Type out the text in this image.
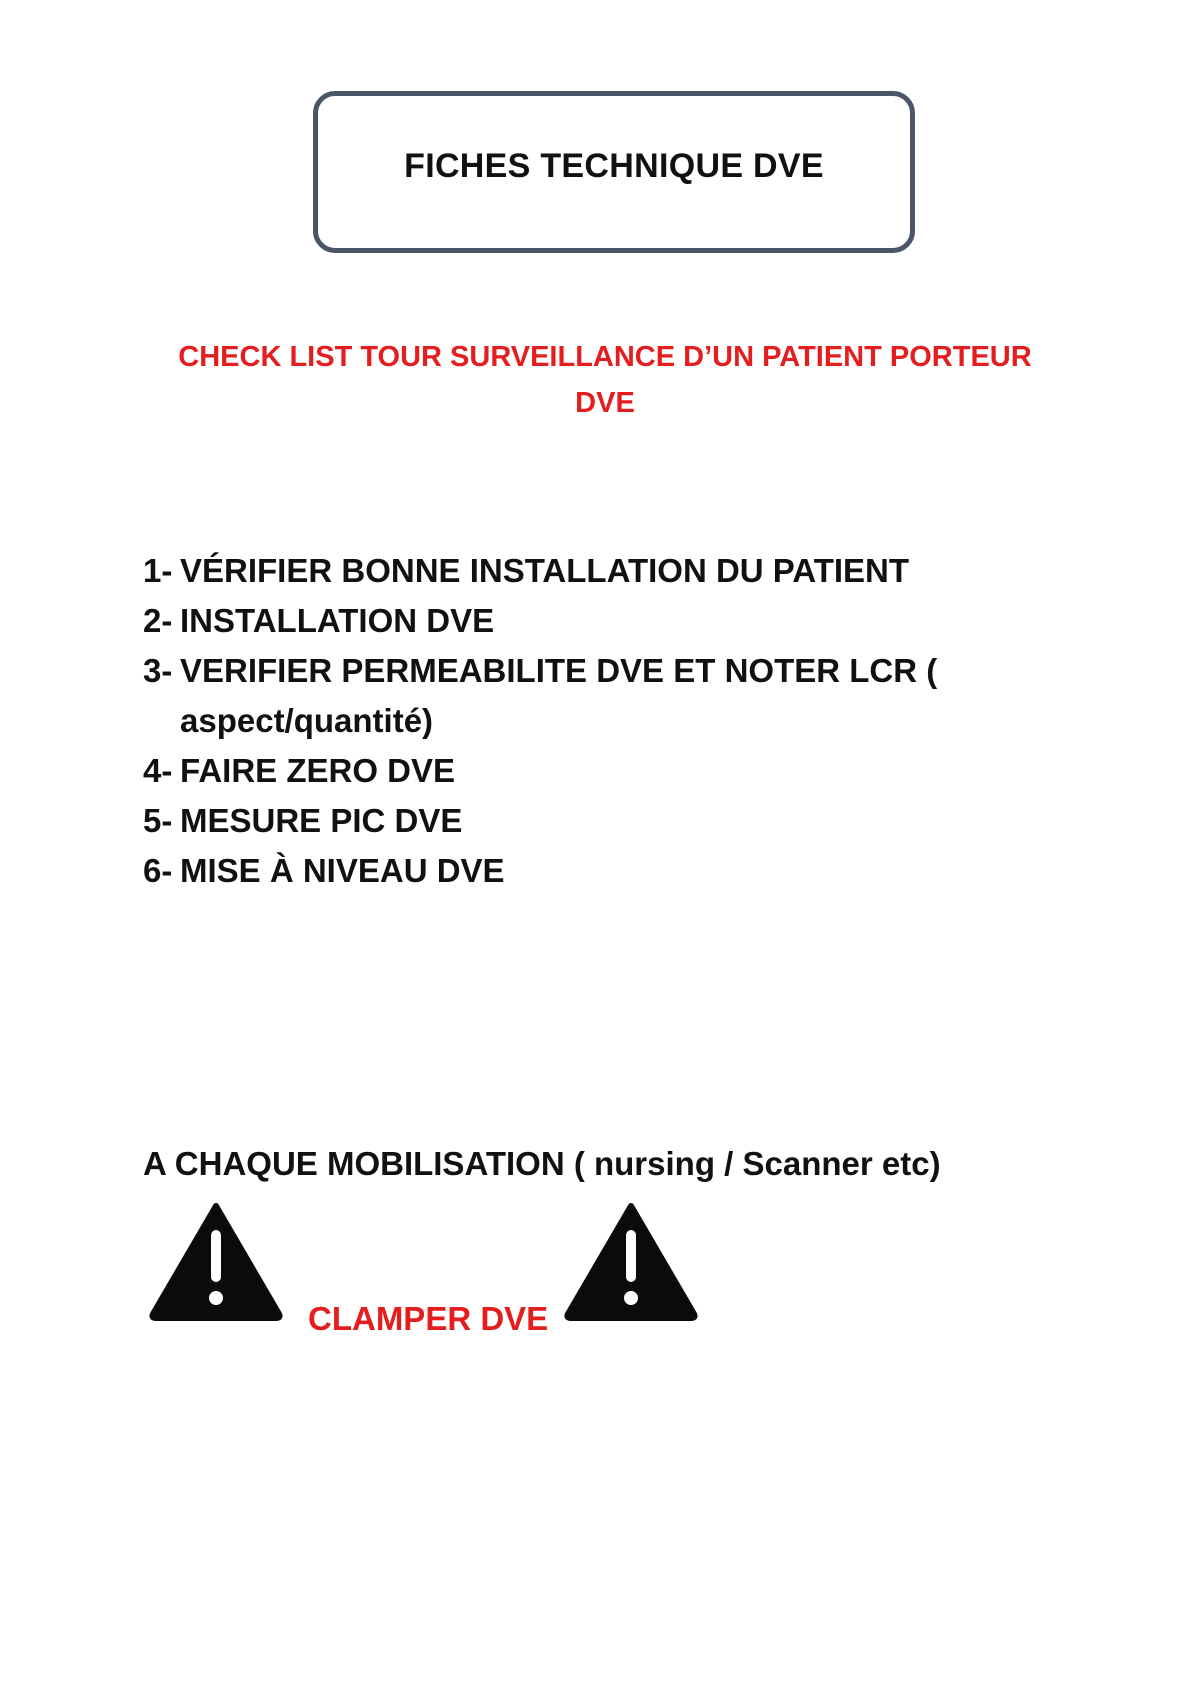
FICHES TECHNIQUE DVE
CHECK LIST TOUR SURVEILLANCE D’UN PATIENT PORTEUR
DVE
1- VÉRIFIER BONNE INSTALLATION DU PATIENT
2- INSTALLATION DVE
3- VERIFIER PERMEABILITE DVE ET NOTER LCR ( aspect/quantité)
4- FAIRE ZERO DVE
5- MESURE PIC DVE
6- MISE À NIVEAU DVE
A CHAQUE MOBILISATION ( nursing / Scanner etc)
CLAMPER DVE
